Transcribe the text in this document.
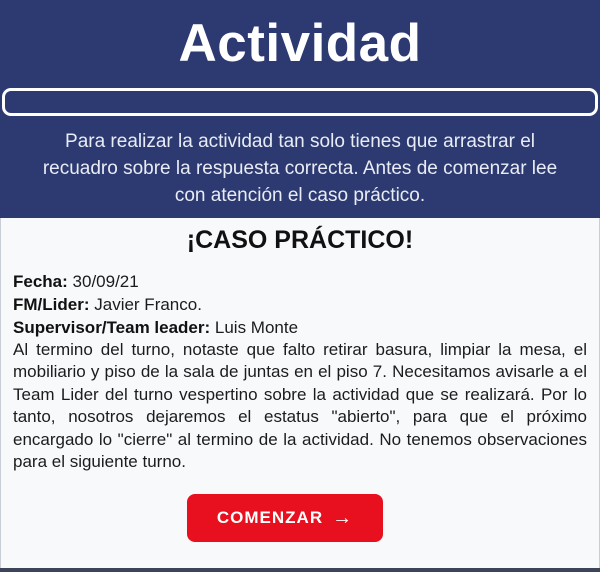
Actividad

Para realizar la actividad tan solo tienes que arrastrar el recuadro sobre la respuesta correcta. Antes de comenzar lee con atención el caso práctico.

¡CASO PRÁCTICO!
Fecha: 30/09/21
FM/Lider: Javier Franco.
Supervisor/Team leader: Luis Monte

Al termino del turno, notaste que falto retirar basura, limpiar la mesa, el mobiliario y piso de la sala de juntas en el piso 7. Necesitamos avisarle a el Team Lider del turno vespertino sobre la actividad que se realizará. Por lo tanto, nosotros dejaremos el estatus "abierto", para que el próximo encargado lo "cierre" al termino de la actividad. No tenemos observaciones para el siguiente turno.

COMENZAR →
